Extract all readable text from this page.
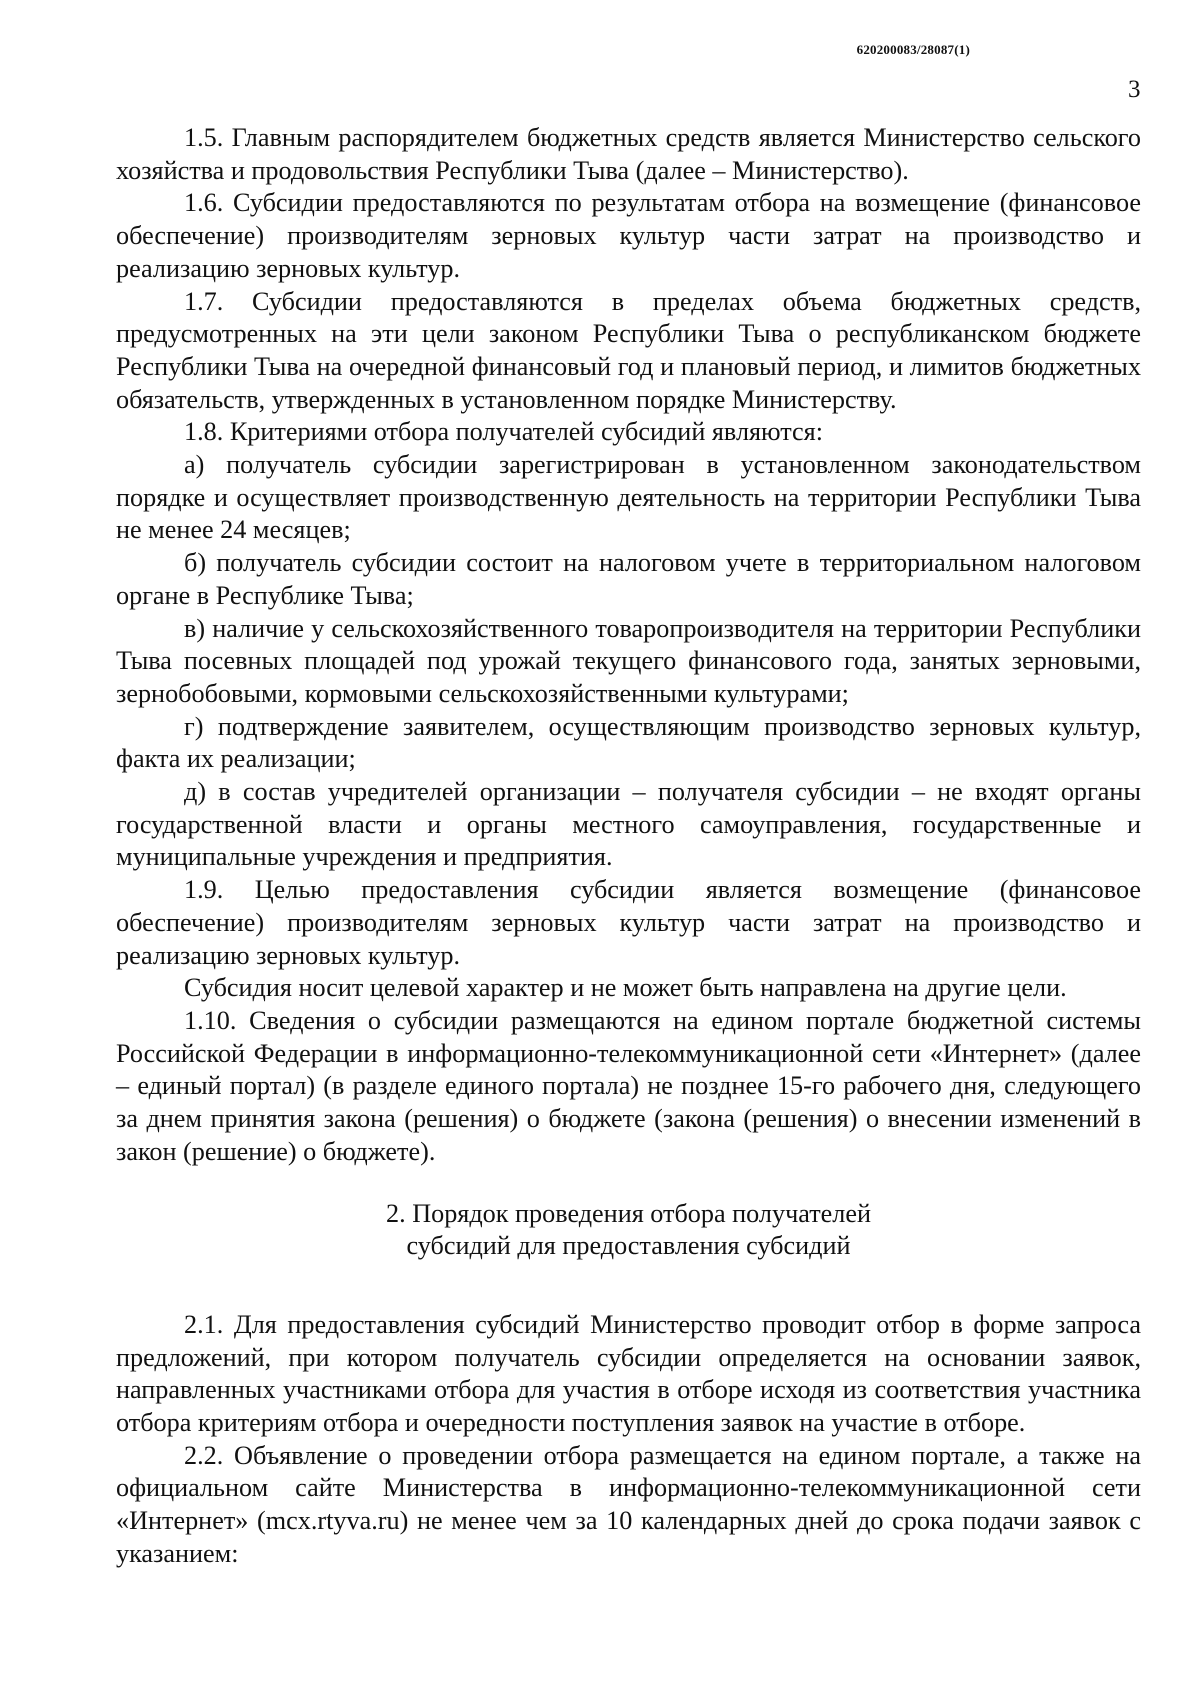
620200083/28087(1)
3

1.5. Главным распорядителем бюджетных средств является Министерство сельского хозяйства и продовольствия Республики Тыва (далее – Министерство).

1.6. Субсидии предоставляются по результатам отбора на возмещение (финансовое обеспечение) производителям зерновых культур части затрат на производство и реализацию зерновых культур.

1.7. Субсидии предоставляются в пределах объема бюджетных средств, предусмотренных на эти цели законом Республики Тыва о республиканском бюджете Республики Тыва на очередной финансовый год и плановый период, и лимитов бюджетных обязательств, утвержденных в установленном порядке Министерству.

1.8. Критериями отбора получателей субсидий являются:

а) получатель субсидии зарегистрирован в установленном законодательством порядке и осуществляет производственную деятельность на территории Республики Тыва не менее 24 месяцев;

б) получатель субсидии состоит на налоговом учете в территориальном налоговом органе в Республике Тыва;

в) наличие у сельскохозяйственного товаропроизводителя на территории Республики Тыва посевных площадей под урожай текущего финансового года, занятых зерновыми, зернобобовыми, кормовыми сельскохозяйственными культурами;

г) подтверждение заявителем, осуществляющим производство зерновых культур, факта их реализации;

д) в состав учредителей организации – получателя субсидии – не входят органы государственной власти и органы местного самоуправления, государственные и муниципальные учреждения и предприятия.

1.9. Целью предоставления субсидии является возмещение (финансовое обеспечение) производителям зерновых культур части затрат на производство и реализацию зерновых культур.

Субсидия носит целевой характер и не может быть направлена на другие цели.

1.10. Сведения о субсидии размещаются на едином портале бюджетной системы Российской Федерации в информационно-телекоммуникационной сети «Интернет» (далее – единый портал) (в разделе единого портала) не позднее 15-го рабочего дня, следующего за днем принятия закона (решения) о бюджете (закона (решения) о внесении изменений в закон (решение) о бюджете).

2. Порядок проведения отбора получателей
субсидий для предоставления субсидий

2.1. Для предоставления субсидий Министерство проводит отбор в форме запроса предложений, при котором получатель субсидии определяется на основании заявок, направленных участниками отбора для участия в отборе исходя из соответствия участника отбора критериям отбора и очередности поступления заявок на участие в отборе.

2.2. Объявление о проведении отбора размещается на едином портале, а также на официальном сайте Министерства в информационно-телекоммуникационной сети «Интернет» (mcx.rtyva.ru) не менее чем за 10 календарных дней до срока подачи заявок с указанием:
